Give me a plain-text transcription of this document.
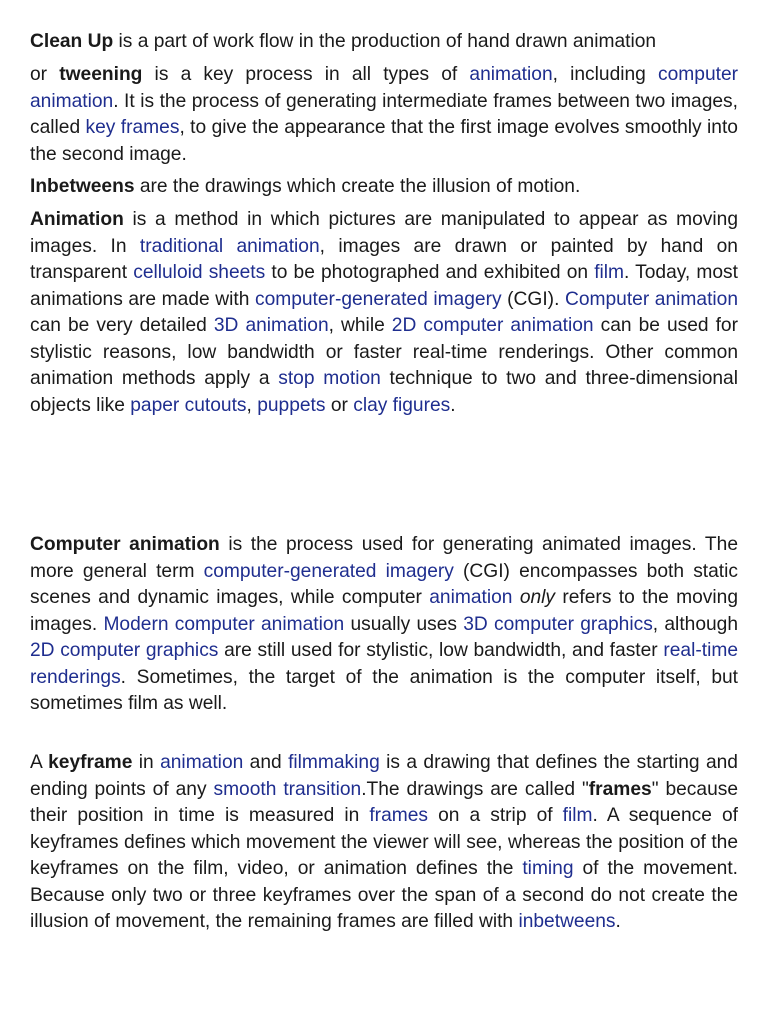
Clean Up is a part of work flow in the production of hand drawn animation

or tweening is a key process in all types of animation, including computer animation. It is the process of generating intermediate frames between two images, called key frames, to give the appearance that the first image evolves smoothly into the second image.

Inbetweens are the drawings which create the illusion of motion.

Animation is a method in which pictures are manipulated to appear as moving images. In traditional animation, images are drawn or painted by hand on transparent celluloid sheets to be photographed and exhibited on film. Today, most animations are made with computer-generated imagery (CGI). Computer animation can be very detailed 3D animation, while 2D computer animation can be used for stylistic reasons, low bandwidth or faster real-time renderings. Other common animation methods apply a stop motion technique to two and three-dimensional objects like paper cutouts, puppets or clay figures.

Computer animation is the process used for generating animated images. The more general term computer-generated imagery (CGI) encompasses both static scenes and dynamic images, while computer animation only refers to the moving images. Modern computer animation usually uses 3D computer graphics, although 2D computer graphics are still used for stylistic, low bandwidth, and faster real-time renderings. Sometimes, the target of the animation is the computer itself, but sometimes film as well.

A keyframe in animation and filmmaking is a drawing that defines the starting and ending points of any smooth transition.The drawings are called "frames" because their position in time is measured in frames on a strip of film. A sequence of keyframes defines which movement the viewer will see, whereas the position of the keyframes on the film, video, or animation defines the timing of the movement. Because only two or three keyframes over the span of a second do not create the illusion of movement, the remaining frames are filled with inbetweens.
